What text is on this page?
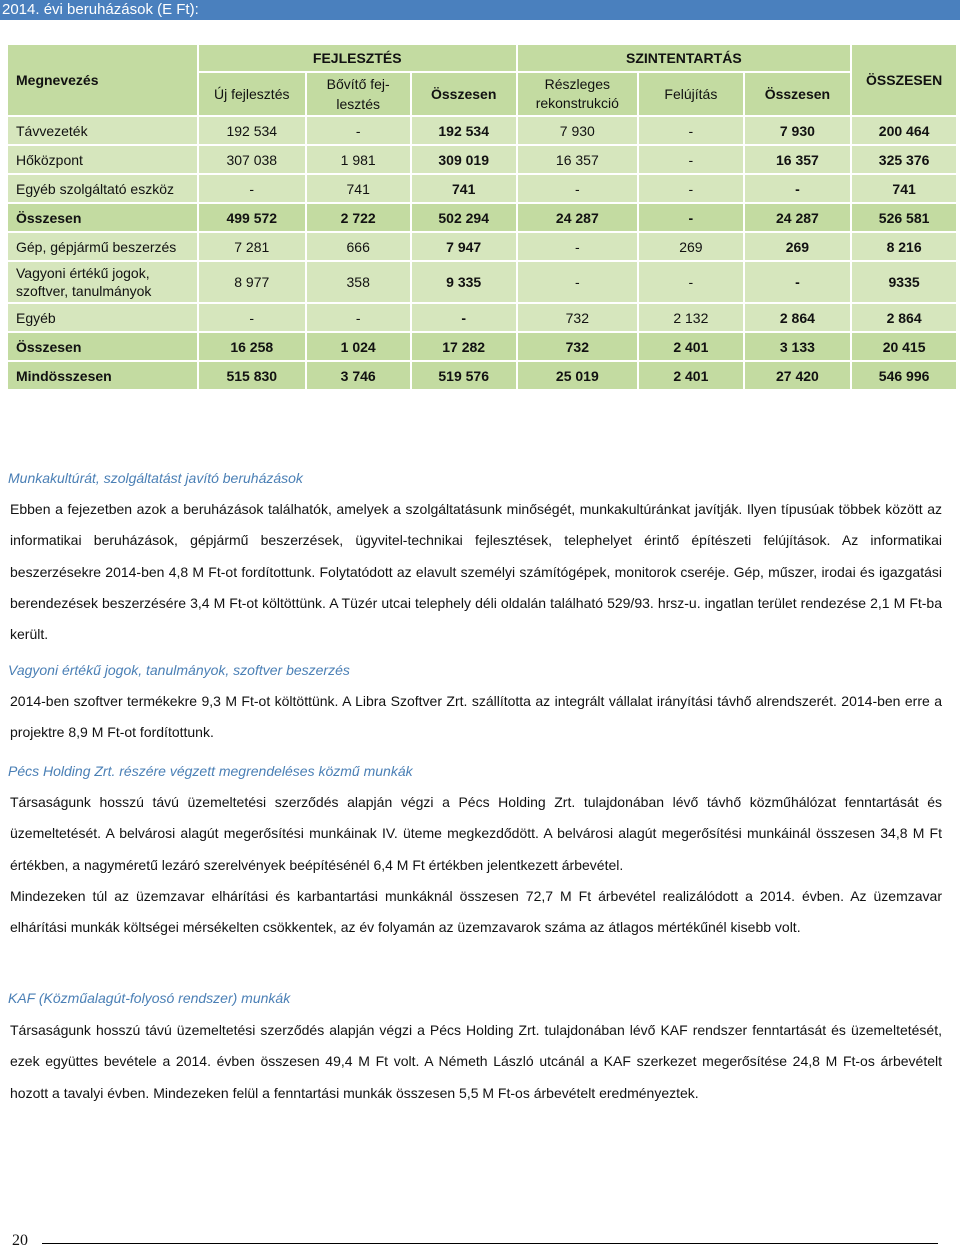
2014. évi beruházások (E Ft):
Megnevezés	FEJLESZTÉS			SZINTENTARTÁS			ÖSSZESEN
	Új fejlesztés	Bővítő fej-lesztés	Összesen	Részleges rekonstrukció	Felújítás	Összesen	
Távvezeték	192 534	-	192 534	7 930	-	7 930	200 464
Hőközpont	307 038	1 981	309 019	16 357	-	16 357	325 376
Egyéb szolgáltató eszköz	-	741	741	-	-	-	741
Összesen	499 572	2 722	502 294	24 287	-	24 287	526 581
Gép, gépjármű beszerzés	7 281	666	7 947	-	269	269	8 216
Vagyoni értékű jogok, szoftver, tanulmányok	8 977	358	9 335	-	-	-	9335
Egyéb	-	-	-	732	2 132	2 864	2 864
Összesen	16 258	1 024	17 282	732	2 401	3 133	20 415
Mindösszesen	515 830	3 746	519 576	25 019	2 401	27 420	546 996
Munkakultúrát, szolgáltatást javító beruházások
Ebben a fejezetben azok a beruházások találhatók, amelyek a szolgáltatásunk minőségét, munkakultúránkat javítják. Ilyen típusúak többek között az informatikai beruházások, gépjármű beszerzések, ügyvitel-technikai fejlesztések, telephelyet érintő építészeti felújítások. Az informatikai beszerzésekre 2014-ben 4,8 M Ft-ot fordítottunk. Folytatódott az elavult személyi számítógépek, monitorok cseréje. Gép, műszer, irodai és igazgatási berendezések beszerzésére 3,4 M Ft-ot költöttünk. A Tüzér utcai telephely déli oldalán található 529/93. hrsz-u. ingatlan terület rendezése 2,1 M Ft-ba került.
Vagyoni értékű jogok, tanulmányok, szoftver beszerzés
2014-ben szoftver termékekre 9,3 M Ft-ot költöttünk. A Libra Szoftver Zrt. szállította az integrált vállalat irányítási távhő alrendszerét. 2014-ben erre a projektre 8,9 M Ft-ot fordítottunk.
Pécs Holding Zrt. részére végzett megrendeléses közmű munkák
Társaságunk hosszú távú üzemeltetési szerződés alapján végzi a Pécs Holding Zrt. tulajdonában lévő távhő közműhálózat fenntartását és üzemeltetését. A belvárosi alagút megerősítési munkáinak IV. üteme megkezdődött. A belvárosi alagút megerősítési munkáinál összesen 34,8 M Ft értékben, a nagyméretű lezáró szerelvények beépítésénél 6,4 M Ft értékben jelentkezett árbevétel.
Mindezeken túl az üzemzavar elhárítási és karbantartási munkáknál összesen 72,7 M Ft árbevétel realizálódott a 2014. évben. Az üzemzavar elhárítási munkák költségei mérsékelten csökkentek, az év folyamán az üzemzavarok száma az átlagos mértékűnél kisebb volt.
KAF (Közműalagút-folyosó rendszer) munkák
Társaságunk hosszú távú üzemeltetési szerződés alapján végzi a Pécs Holding Zrt. tulajdonában lévő KAF rendszer fenntartását és üzemeltetését, ezek együttes bevétele a 2014. évben összesen 49,4 M Ft volt. A Németh László utcánál a KAF szerkezet megerősítése 24,8 M Ft-os árbevételt hozott a tavalyi évben. Mindezeken felül a fenntartási munkák összesen 5,5 M Ft-os árbevételt eredményeztek.
20
